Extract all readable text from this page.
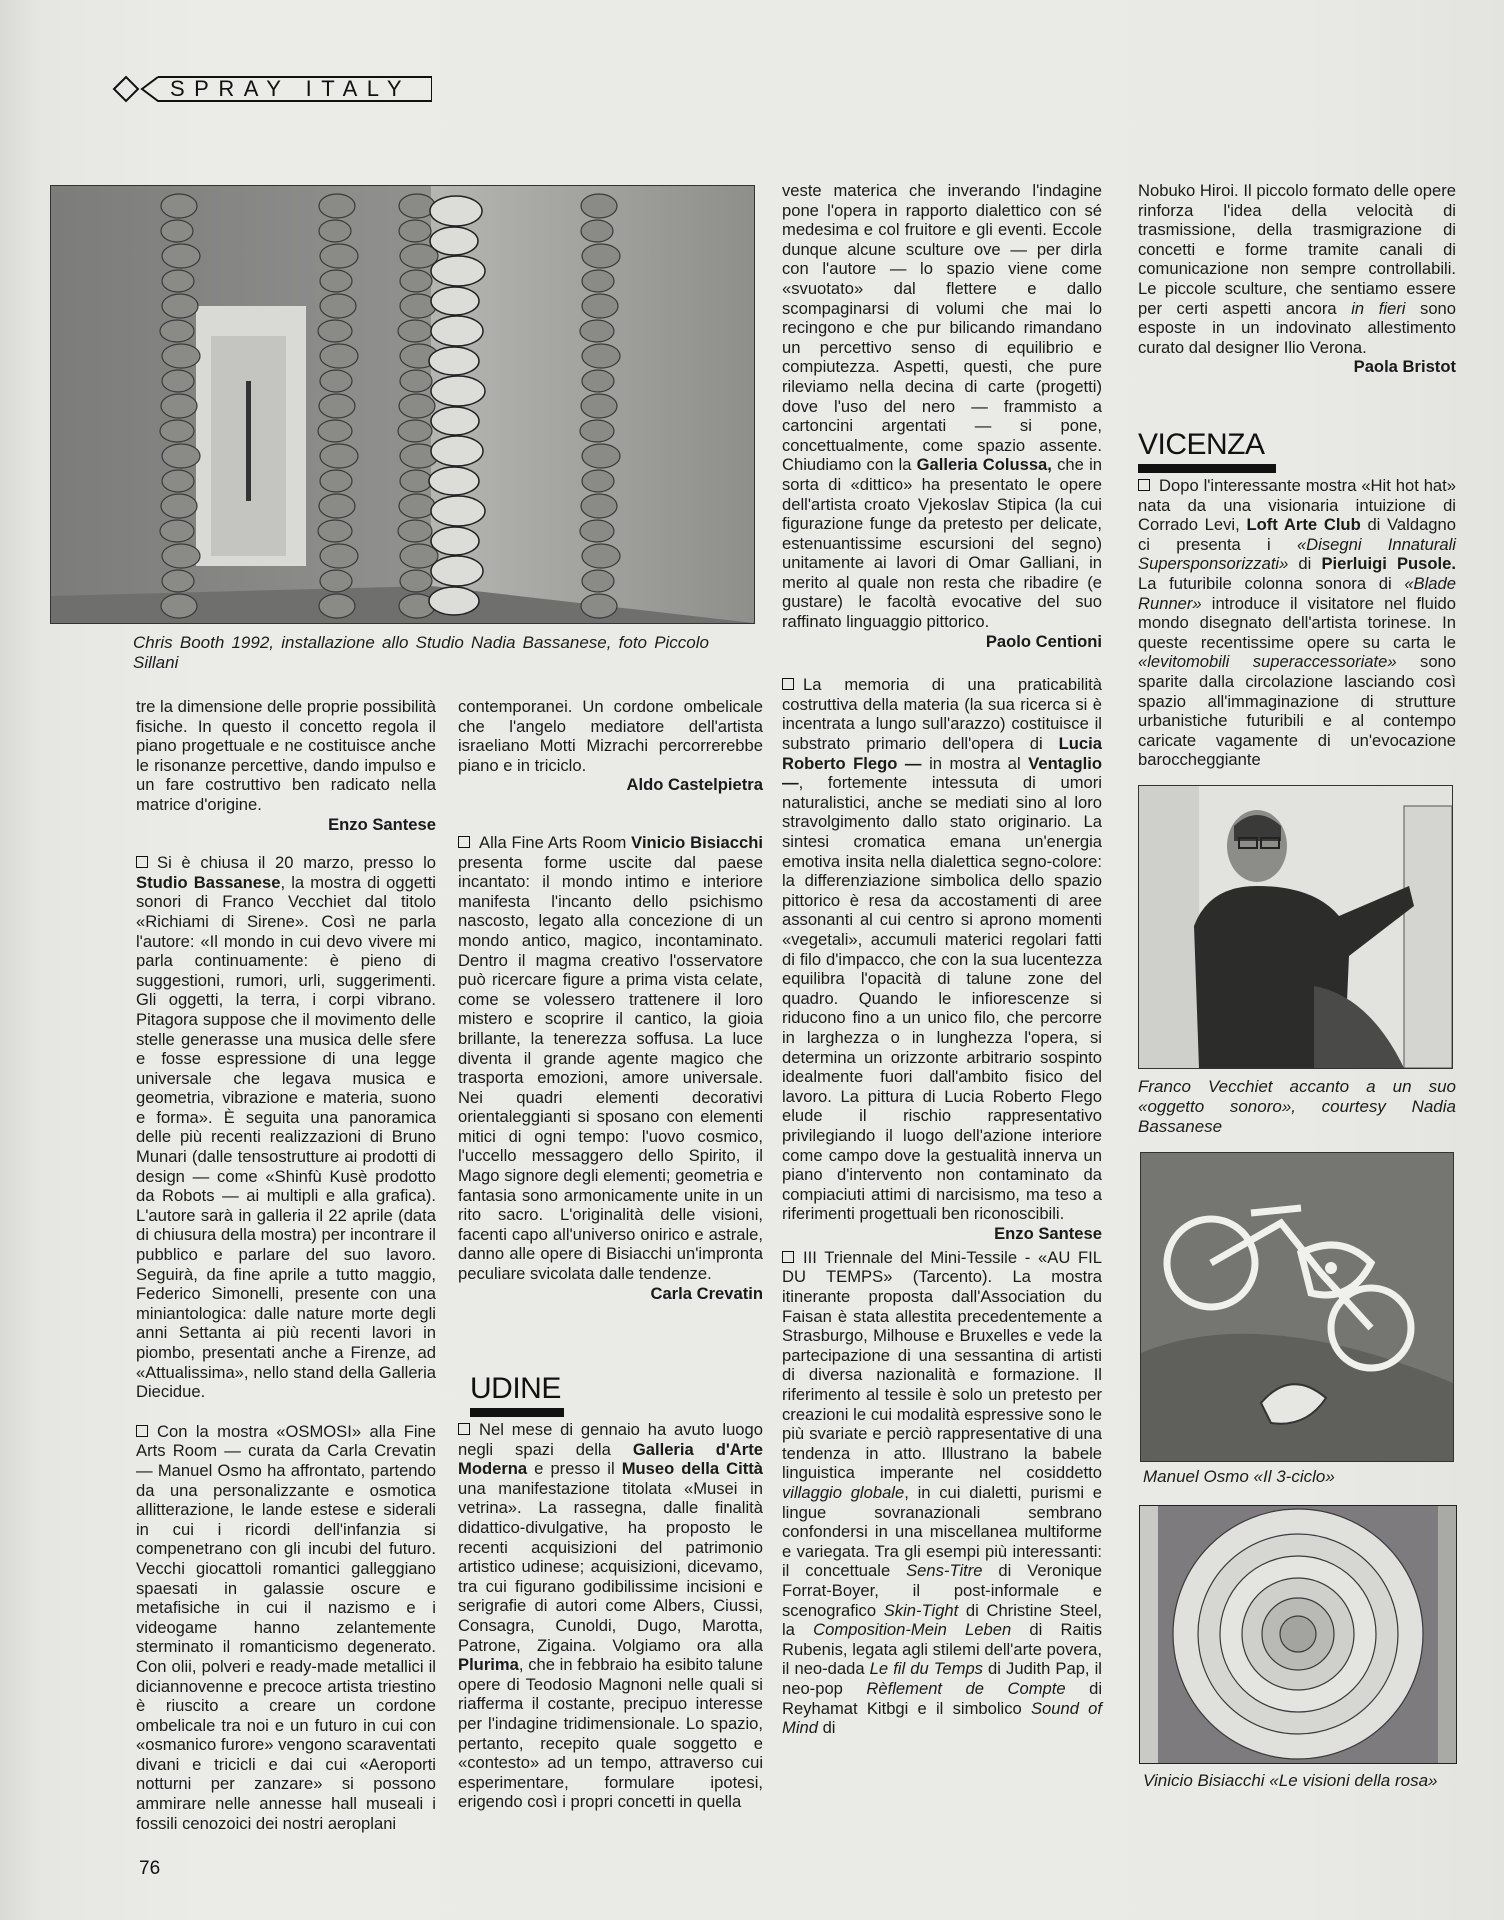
SPRAY ITALY
Chris Booth 1992, installazione allo Studio Nadia Bassanese, foto Piccolo Sillani

tre la dimensione delle proprie possibilità fisiche. In questo il concetto regola il piano progettuale e ne costituisce anche le risonanze percettive, dando impulso e un fare costruttivo ben radicato nella matrice d'origine.

Enzo Santese

Si è chiusa il 20 marzo, presso lo Studio Bassanese, la mostra di oggetti sonori di Franco Vecchiet dal titolo «Richiami di Sirene». Così ne parla l'autore: «Il mondo in cui devo vivere mi parla continuamente: è pieno di suggestioni, rumori, urli, suggerimenti. Gli oggetti, la terra, i corpi vibrano. Pitagora suppose che il movimento delle stelle generasse una musica delle sfere e fosse espressione di una legge universale che legava musica e geometria, vibrazione e materia, suono e forma». È seguita una panoramica delle più recenti realizzazioni di Bruno Munari (dalle tensostrutture ai prodotti di design — come «Shinfù Kusè prodotto da Robots — ai multipli e alla grafica). L'autore sarà in galleria il 22 aprile (data di chiusura della mostra) per incontrare il pubblico e parlare del suo lavoro. Seguirà, da fine aprile a tutto maggio, Federico Simonelli, presente con una miniantologica: dalle nature morte degli anni Settanta ai più recenti lavori in piombo, presentati anche a Firenze, ad «Attualissima», nello stand della Galleria Diecidue.

Con la mostra «OSMOSI» alla Fine Arts Room — curata da Carla Crevatin — Manuel Osmo ha affrontato, partendo da una personalizzante e osmotica allitterazione, le lande estese e siderali in cui i ricordi dell'infanzia si compenetrano con gli incubi del futuro. Vecchi giocattoli romantici galleggiano spaesati in galassie oscure e metafisiche in cui il nazismo e i videogame hanno zelantemente sterminato il romanticismo degenerato. Con olii, polveri e ready-made metallici il diciannovenne e precoce artista triestino è riuscito a creare un cordone ombelicale tra noi e un futuro in cui con «osmanico furore» vengono scaraventati divani e tricicli e dai cui «Aeroporti notturni per zanzare» si possono ammirare nelle annesse hall museali i fossili cenozoici dei nostri aeroplani

contemporanei. Un cordone ombelicale che l'angelo mediatore dell'artista israeliano Motti Mizrachi percorrerebbe piano e in triciclo.

Aldo Castelpietra

Alla Fine Arts Room Vinicio Bisiacchi presenta forme uscite dal paese incantato: il mondo intimo e interiore manifesta l'incanto dello psichismo nascosto, legato alla concezione di un mondo antico, magico, incontaminato. Dentro il magma creativo l'osservatore può ricercare figure a prima vista celate, come se volessero trattenere il loro mistero e scoprire il cantico, la gioia brillante, la tenerezza soffusa. La luce diventa il grande agente magico che trasporta emozioni, amore universale. Nei quadri elementi decorativi orientaleggianti si sposano con elementi mitici di ogni tempo: l'uovo cosmico, l'uccello messaggero dello Spirito, il Mago signore degli elementi; geometria e fantasia sono armonicamente unite in un rito sacro. L'originalità delle visioni, facenti capo all'universo onirico e astrale, danno alle opere di Bisiacchi un'impronta peculiare svicolata dalle tendenze.

Carla Crevatin

UDINE

Nel mese di gennaio ha avuto luogo negli spazi della Galleria d'Arte Moderna e presso il Museo della Città una manifestazione titolata «Musei in vetrina». La rassegna, dalle finalità didattico-divulgative, ha proposto le recenti acquisizioni del patrimonio artistico udinese; acquisizioni, dicevamo, tra cui figurano godibilissime incisioni e serigrafie di autori come Albers, Ciussi, Consagra, Cunoldi, Dugo, Marotta, Patrone, Zigaina. Volgiamo ora alla Plurima, che in febbraio ha esibito talune opere di Teodosio Magnoni nelle quali si riafferma il costante, precipuo interesse per l'indagine tridimensionale. Lo spazio, pertanto, recepito quale soggetto e «contesto» ad un tempo, attraverso cui esperimentare, formulare ipotesi, erigendo così i propri concetti in quella

veste materica che inverando l'indagine pone l'opera in rapporto dialettico con sé medesima e col fruitore e gli eventi. Eccole dunque alcune sculture ove — per dirla con l'autore — lo spazio viene come «svuotato» dal flettere e dallo scompaginarsi di volumi che mai lo recingono e che pur bilicando rimandano un percettivo senso di equilibrio e compiutezza. Aspetti, questi, che pure rileviamo nella decina di carte (progetti) dove l'uso del nero — frammisto a cartoncini argentati — si pone, concettualmente, come spazio assente. Chiudiamo con la Galleria Colussa, che in sorta di «dittico» ha presentato le opere dell'artista croato Vjekoslav Stipica (la cui figurazione funge da pretesto per delicate, estenuantissime escursioni del segno) unitamente ai lavori di Omar Galliani, in merito al quale non resta che ribadire (e gustare) le facoltà evocative del suo raffinato linguaggio pittorico.

Paolo Centioni

La memoria di una praticabilità costruttiva della materia (la sua ricerca si è incentrata a lungo sull'arazzo) costituisce il substrato primario dell'opera di Lucia Roberto Flego — in mostra al Ventaglio —, fortemente intessuta di umori naturalistici, anche se mediati sino al loro stravolgimento dallo stato originario. La sintesi cromatica emana un'energia emotiva insita nella dialettica segno-colore: la differenziazione simbolica dello spazio pittorico è resa da accostamenti di aree assonanti al cui centro si aprono momenti «vegetali», accumuli materici regolari fatti di filo d'impacco, che con la sua lucentezza equilibra l'opacità di talune zone del quadro. Quando le infiorescenze si riducono fino a un unico filo, che percorre in larghezza o in lunghezza l'opera, si determina un orizzonte arbitrario sospinto idealmente fuori dall'ambito fisico del lavoro. La pittura di Lucia Roberto Flego elude il rischio rappresentativo privilegiando il luogo dell'azione interiore come campo dove la gestualità innerva un piano d'intervento non contaminato da compiaciuti attimi di narcisismo, ma teso a riferimenti progettuali ben riconoscibili.
Enzo Santese

III Triennale del Mini-Tessile - «AU FIL DU TEMPS» (Tarcento). La mostra itinerante proposta dall'Association du Faisan è stata allestita precedentemente a Strasburgo, Milhouse e Bruxelles e vede la partecipazione di una sessantina di artisti di diversa nazionalità e formazione. Il riferimento al tessile è solo un pretesto per creazioni le cui modalità espressive sono le più svariate e perciò rappresentative di una tendenza in atto. Illustrano la babele linguistica imperante nel cosiddetto villaggio globale, in cui dialetti, purismi e lingue sovranazionali sembrano confondersi in una miscellanea multiforme e variegata. Tra gli esempi più interessanti: il concettuale Sens-Titre di Veronique Forrat-Boyer, il post-informale e scenografico Skin-Tight di Christine Steel, la Composition-Mein Leben di Raitis Rubenis, legata agli stilemi dell'arte povera, il neo-dada Le fil du Temps di Judith Pap, il neo-pop Rèflement de Compte di Reyhamat Kitbgi e il simbolico Sound of Mind di

Nobuko Hiroi. Il piccolo formato delle opere rinforza l'idea della velocità di trasmissione, della trasmigrazione di concetti e forme tramite canali di comunicazione non sempre controllabili. Le piccole sculture, che sentiamo essere per certi aspetti ancora in fieri sono esposte in un indovinato allestimento curato dal designer Ilio Verona.
Paola Bristot

VICENZA

Dopo l'interessante mostra «Hit hot hat» nata da una visionaria intuizione di Corrado Levi, Loft Arte Club di Valdagno ci presenta i «Disegni Innaturali Supersponsorizzati» di Pierluigi Pusole. La futuribile colonna sonora di «Blade Runner» introduce il visitatore nel fluido mondo disegnato dell'artista torinese. In queste recentissime opere su carta le «levitomobili superaccessoriate» sono sparite dalla circolazione lasciando così spazio all'immaginazione di strutture urbanistiche futuribili e al contempo caricate vagamente di un'evocazione baroccheggiante

Franco Vecchiet accanto a un suo «oggetto sonoro», courtesy Nadia Bassanese
Manuel Osmo «Il 3-ciclo»
Vinicio Bisiacchi «Le visioni della rosa»
76
